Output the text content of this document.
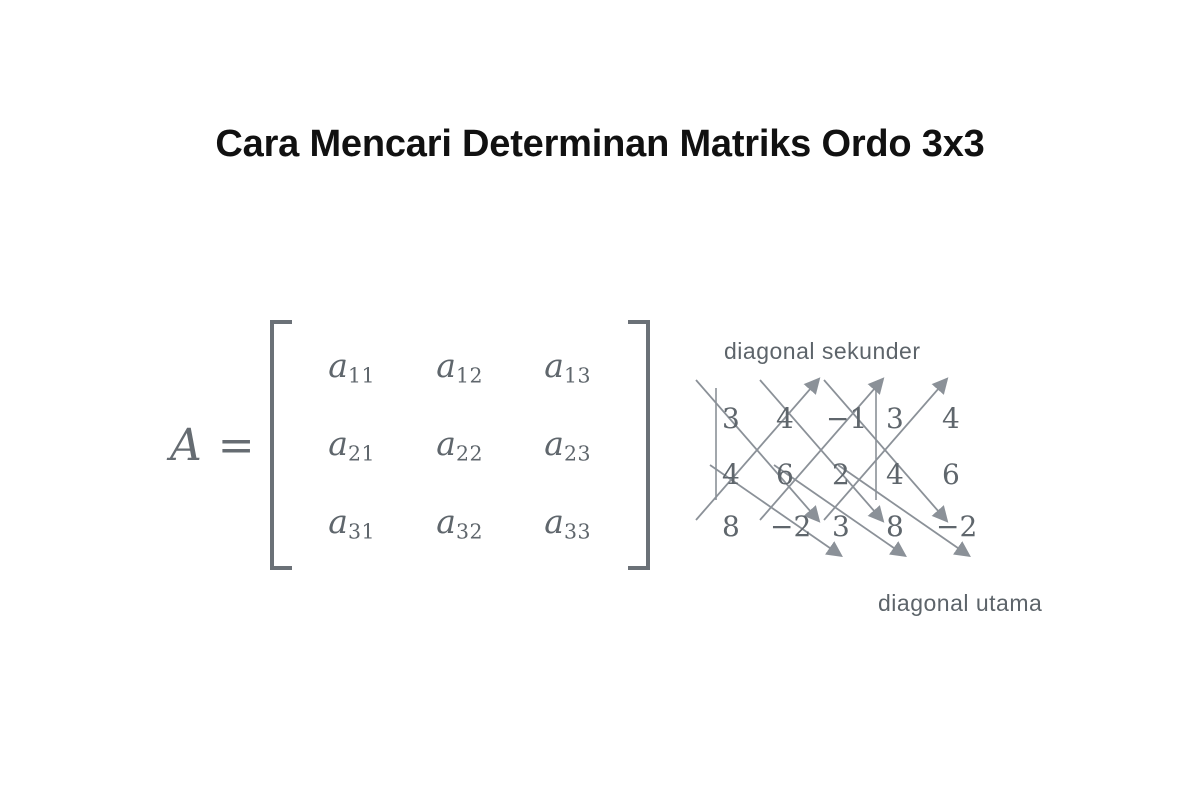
Cara Mencari Determinan Matriks Ordo 3x3
A =
$a_{11}$ $a_{12}$ $a_{13}$
$a_{21}$ $a_{22}$ $a_{23}$
$a_{31}$ $a_{32}$ $a_{33}$
diagonal sekunder
diagonal utama
3 4 −1
4 6 2
8 −2 3
3 4
4 6
8 −2
